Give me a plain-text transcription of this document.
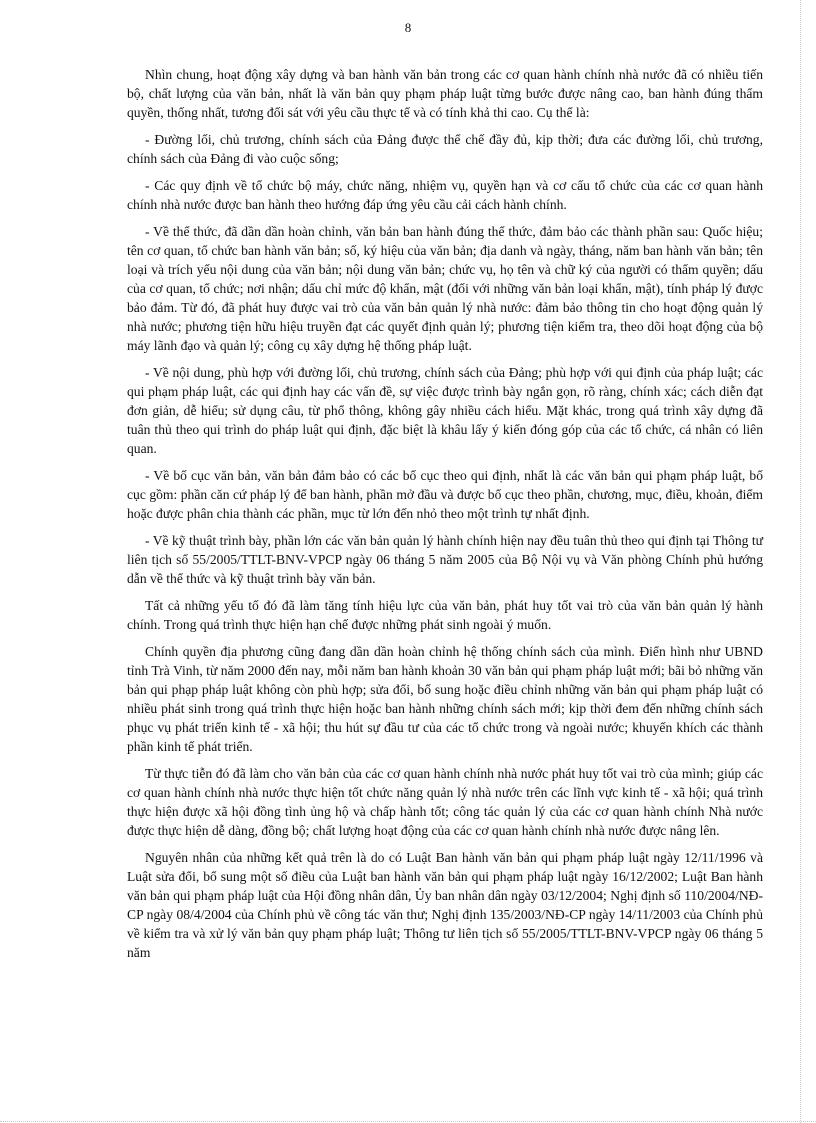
8

Nhìn chung, hoạt động xây dựng và ban hành văn bản trong các cơ quan hành chính nhà nước đã có nhiều tiến bộ, chất lượng của văn bản, nhất là văn bản quy phạm pháp luật từng bước được nâng cao, ban hành đúng thẩm quyền, thống nhất, tương đối sát với yêu cầu thực tế và có tính khả thi cao. Cụ thể là:

- Đường lối, chủ trương, chính sách của Đảng được thể chế đầy đủ, kịp thời; đưa các đường lối, chủ trương, chính sách của Đảng đi vào cuộc sống;

- Các quy định về tổ chức bộ máy, chức năng, nhiệm vụ, quyền hạn và cơ cấu tổ chức của các cơ quan hành chính nhà nước được ban hành theo hướng đáp ứng yêu cầu cải cách hành chính.

- Về thể thức, đã dần dần hoàn chỉnh, văn bản ban hành đúng thể thức, đảm bảo các thành phần sau: Quốc hiệu; tên cơ quan, tổ chức ban hành văn bản; số, ký hiệu của văn bản; địa danh và ngày, tháng, năm ban hành văn bản; tên loại và trích yếu nội dung của văn bản; nội dung văn bản; chức vụ, họ tên và chữ ký của người có thẩm quyền; dấu của cơ quan, tổ chức; nơi nhận; dấu chỉ mức độ khẩn, mật (đối với những văn bản loại khẩn, mật), tính pháp lý được bảo đảm. Từ đó, đã phát huy được vai trò của văn bản quản lý nhà nước: đảm bảo thông tin cho hoạt động quản lý nhà nước; phương tiện hữu hiệu truyền đạt các quyết định quản lý; phương tiện kiểm tra, theo dõi hoạt động của bộ máy lãnh đạo và quản lý; công cụ xây dựng hệ thống pháp luật.

- Về nội dung, phù hợp với đường lối, chủ trương, chính sách của Đảng; phù hợp với qui định của pháp luật; các qui phạm pháp luật, các qui định hay các vấn đề, sự việc được trình bày ngắn gọn, rõ ràng, chính xác; cách diễn đạt đơn giản, dễ hiểu; sử dụng câu, từ phổ thông, không gây nhiều cách hiểu. Mặt khác, trong quá trình xây dựng đã tuân thủ theo qui trình do pháp luật qui định, đặc biệt là khâu lấy ý kiến đóng góp của các tổ chức, cá nhân có liên quan.

- Về bố cục văn bản, văn bản đảm bảo có các bố cục theo qui định, nhất là các văn bản qui phạm pháp luật, bố cục gồm: phần căn cứ pháp lý để ban hành, phần mở đầu và được bố cục theo phần, chương, mục, điều, khoản, điểm hoặc được phân chia thành các phần, mục từ lớn đến nhỏ theo một trình tự nhất định.

- Về kỹ thuật trình bày, phần lớn các văn bản quản lý hành chính hiện nay đều tuân thủ theo qui định tại Thông tư liên tịch số 55/2005/TTLT-BNV-VPCP ngày 06 tháng 5 năm 2005 của Bộ Nội vụ và Văn phòng Chính phủ hướng dẫn về thể thức và kỹ thuật trình bày văn bản.

Tất cả những yếu tố đó đã làm tăng tính hiệu lực của văn bản, phát huy tốt vai trò của văn bản quản lý hành chính. Trong quá trình thực hiện hạn chế được những phát sinh ngoài ý muốn.

Chính quyền địa phương cũng đang dần dần hoàn chỉnh hệ thống chính sách của mình. Điển hình như UBND tỉnh Trà Vinh, từ năm 2000 đến nay, mỗi năm ban hành khoản 30 văn bản qui phạm pháp luật mới; bãi bỏ những văn bản qui phạp pháp luật không còn phù hợp; sửa đổi, bổ sung hoặc điều chỉnh những văn bản qui phạm pháp luật có nhiều phát sinh trong quá trình thực hiện hoặc ban hành những chính sách mới; kịp thời đem đến những chính sách phục vụ phát triển kinh tế - xã hội; thu hút sự đầu tư của các tổ chức trong và ngoài nước; khuyến khích các thành phần kinh tế phát triển.

Từ thực tiễn đó đã làm cho văn bản của các cơ quan hành chính nhà nước phát huy tốt vai trò của mình; giúp các cơ quan hành chính nhà nước thực hiện tốt chức năng quản lý nhà nước trên các lĩnh vực kinh tế - xã hội; quá trình thực hiện được xã hội đồng tình ủng hộ và chấp hành tốt; công tác quản lý của các cơ quan hành chính Nhà nước được thực hiện dễ dàng, đồng bộ; chất lượng hoạt động của các cơ quan hành chính nhà nước được nâng lên.

Nguyên nhân của những kết quả trên là do có Luật Ban hành văn bản qui phạm pháp luật ngày 12/11/1996 và Luật sửa đổi, bổ sung một số điều của Luật ban hành văn bản qui phạm pháp luật ngày 16/12/2002; Luật Ban hành văn bản qui phạm pháp luật của Hội đồng nhân dân, Ủy ban nhân dân ngày 03/12/2004; Nghị định số 110/2004/NĐ-CP ngày 08/4/2004 của Chính phủ về công tác văn thư; Nghị định 135/2003/NĐ-CP ngày 14/11/2003 của Chính phủ về kiểm tra và xử lý văn bản quy phạm pháp luật; Thông tư liên tịch số 55/2005/TTLT-BNV-VPCP ngày 06 tháng 5 năm
